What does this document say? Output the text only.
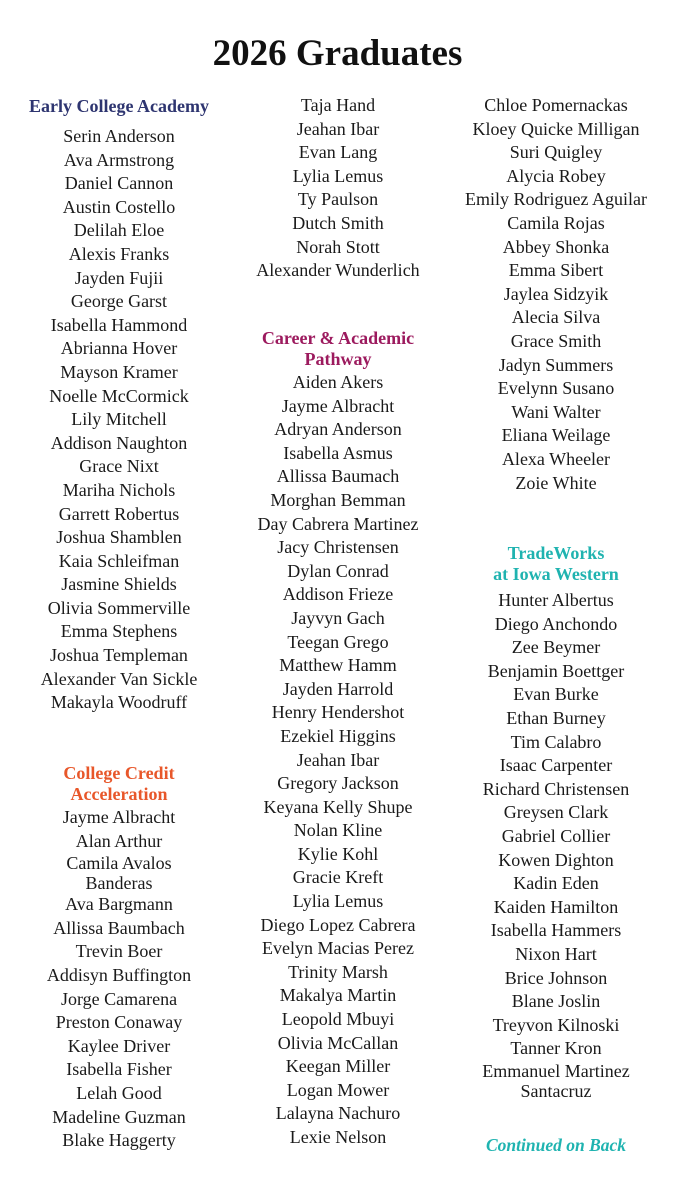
2026 Graduates
Early College Academy
Serin Anderson
Ava Armstrong
Daniel Cannon
Austin Costello
Delilah Eloe
Alexis Franks
Jayden Fujii
George Garst
Isabella Hammond
Abrianna Hover
Mayson Kramer
Noelle McCormick
Lily Mitchell
Addison Naughton
Grace Nixt
Mariha Nichols
Garrett Robertus
Joshua Shamblen
Kaia Schleifman
Jasmine Shields
Olivia Sommerville
Emma Stephens
Joshua Templeman
Alexander Van Sickle
Makayla Woodruff
College Credit
Acceleration
Jayme Albracht
Alan Arthur
Camila Avalos
Banderas
Ava Bargmann
Allissa Baumbach
Trevin Boer
Addisyn Buffington
Jorge Camarena
Preston Conaway
Kaylee Driver
Isabella Fisher
Lelah Good
Madeline Guzman
Blake Haggerty
Taja Hand
Jeahan Ibar
Evan Lang
Lylia Lemus
Ty Paulson
Dutch Smith
Norah Stott
Alexander Wunderlich
Career & Academic
Pathway
Aiden Akers
Jayme Albracht
Adryan Anderson
Isabella Asmus
Allissa Baumach
Morghan Bemman
Day Cabrera Martinez
Jacy Christensen
Dylan Conrad
Addison Frieze
Jayvyn Gach
Teegan Grego
Matthew Hamm
Jayden Harrold
Henry Hendershot
Ezekiel Higgins
Jeahan Ibar
Gregory Jackson
Keyana Kelly Shupe
Nolan Kline
Kylie Kohl
Gracie Kreft
Lylia Lemus
Diego Lopez Cabrera
Evelyn Macias Perez
Trinity Marsh
Makalya Martin
Leopold Mbuyi
Olivia McCallan
Keegan Miller
Logan Mower
Lalayna Nachuro
Lexie Nelson
Chloe Pomernackas
Kloey Quicke Milligan
Suri Quigley
Alycia Robey
Emily Rodriguez Aguilar
Camila Rojas
Abbey Shonka
Emma Sibert
Jaylea Sidzyik
Alecia Silva
Grace Smith
Jadyn Summers
Evelynn Susano
Wani Walter
Eliana Weilage
Alexa Wheeler
Zoie White
TradeWorks
at Iowa Western
Hunter Albertus
Diego Anchondo
Zee Beymer
Benjamin Boettger
Evan Burke
Ethan Burney
Tim Calabro
Isaac Carpenter
Richard Christensen
Greysen Clark
Gabriel Collier
Kowen Dighton
Kadin Eden
Kaiden Hamilton
Isabella Hammers
Nixon Hart
Brice Johnson
Blane Joslin
Treyvon Kilnoski
Tanner Kron
Emmanuel Martinez
Santacruz
Continued on Back
